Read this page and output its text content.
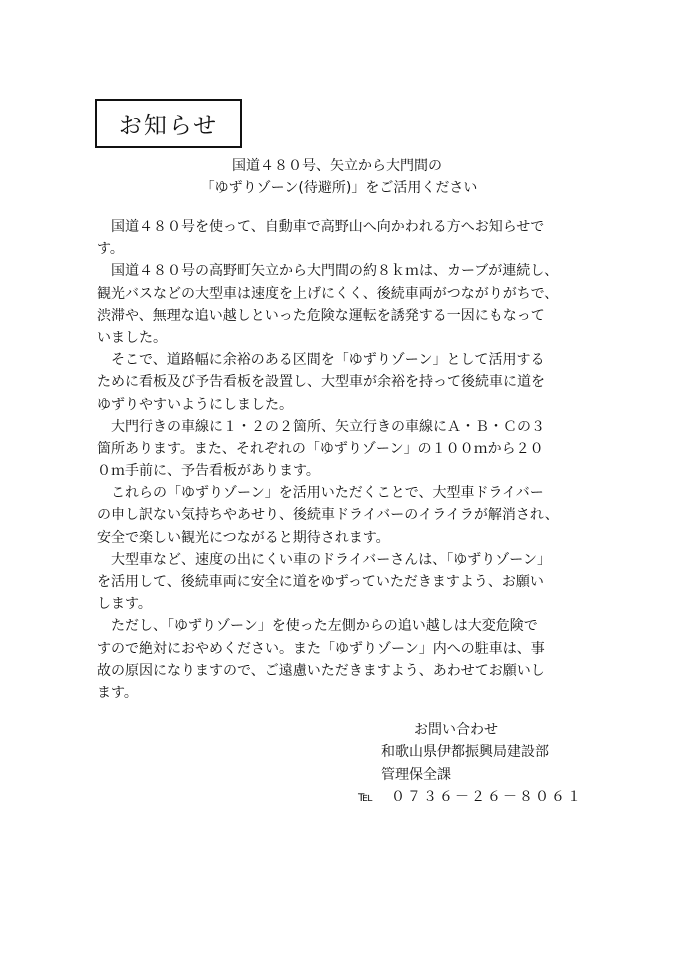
お知らせ
国道４８０号、矢立から大門間の
「ゆずりゾーン(待避所)」をご活用ください
　国道４８０号を使って、自動車で高野山へ向かわれる方へお知らせで
す。
　国道４８０号の高野町矢立から大門間の約８ｋｍは、カーブが連続し、
観光バスなどの大型車は速度を上げにくく、後続車両がつながりがちで、
渋滞や、無理な追い越しといった危険な運転を誘発する一因にもなって
いました。
　そこで、道路幅に余裕のある区間を「ゆずりゾーン」として活用する
ために看板及び予告看板を設置し、大型車が余裕を持って後続車に道を
ゆずりやすいようにしました。
　大門行きの車線に１・２の２箇所、矢立行きの車線にＡ・Ｂ・Ｃの３
箇所あります。また、それぞれの「ゆずりゾーン」の１００ｍから２０
０ｍ手前に、予告看板があります。
　これらの「ゆずりゾーン」を活用いただくことで、大型車ドライバー
の申し訳ない気持ちやあせり、後続車ドライバーのイライラが解消され、
安全で楽しい観光につながると期待されます。
　大型車など、速度の出にくい車のドライバーさんは、「ゆずりゾーン」
を活用して、後続車両に安全に道をゆずっていただきますよう、お願い
します。
　ただし、「ゆずりゾーン」を使った左側からの追い越しは大変危険で
すので絶対におやめください。また「ゆずりゾーン」内への駐車は、事
故の原因になりますので、ご遠慮いただきますよう、あわせてお願いし
ます。
お問い合わせ
和歌山県伊都振興局建設部
管理保全課
℡　０７３６－２６－８０６１
